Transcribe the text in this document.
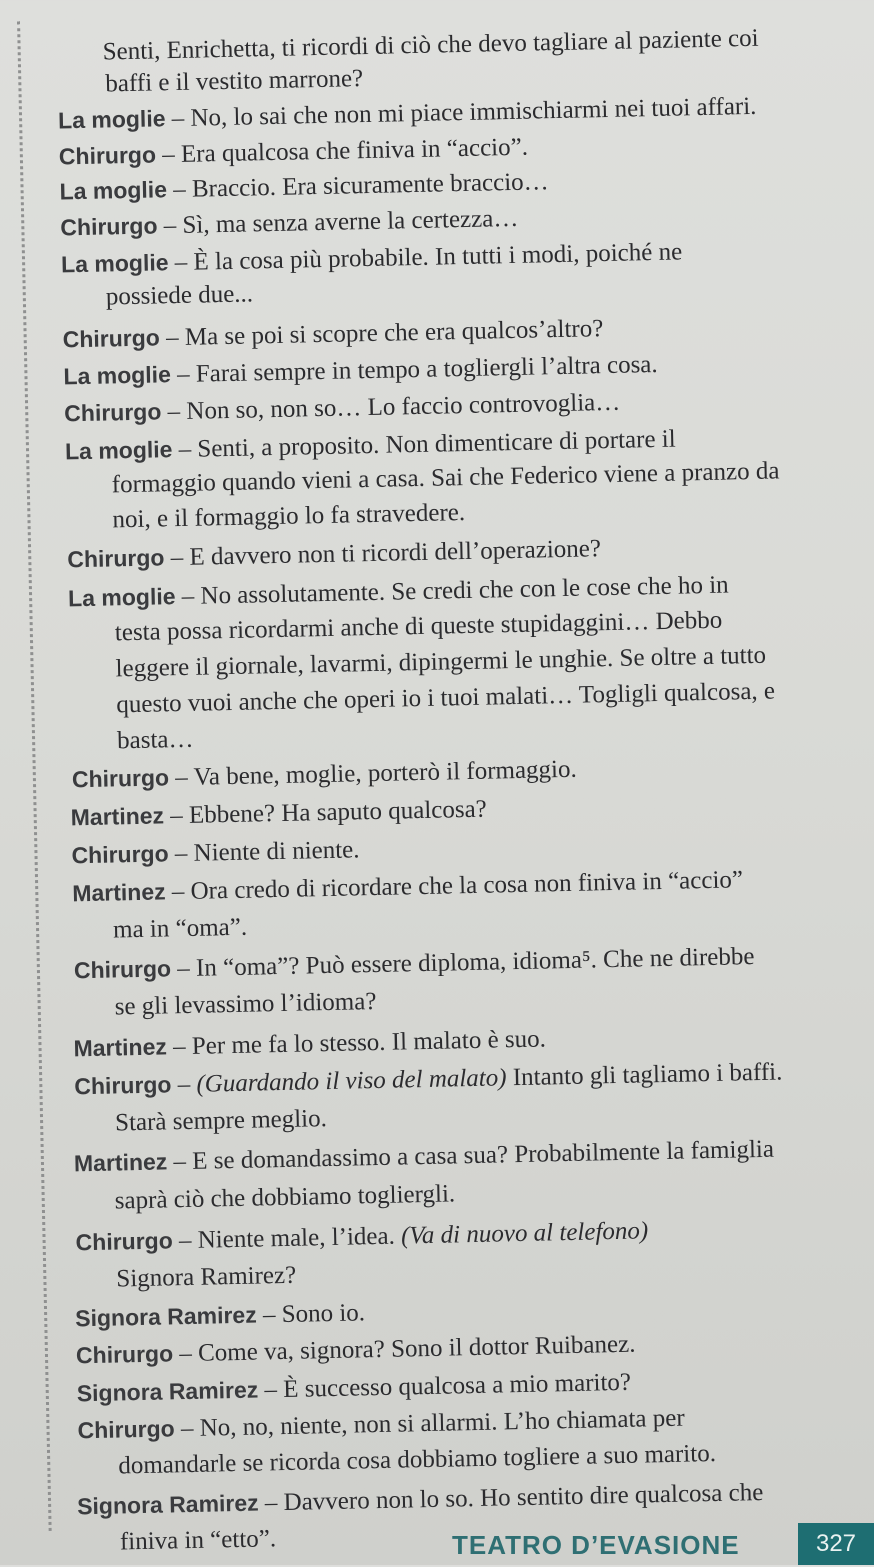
Senti, Enrichetta, ti ricordi di ciò che devo tagliare al paziente coi
baffi e il vestito marrone?
La moglie – No, lo sai che non mi piace immischiarmi nei tuoi affari.
Chirurgo – Era qualcosa che finiva in “accio”.
La moglie – Braccio. Era sicuramente braccio…
Chirurgo – Sì, ma senza averne la certezza…
La moglie – È la cosa più probabile. In tutti i modi, poiché ne
possiede due...
Chirurgo – Ma se poi si scopre che era qualcos’altro?
La moglie – Farai sempre in tempo a togliergli l’altra cosa.
Chirurgo – Non so, non so… Lo faccio controvoglia…
La moglie – Senti, a proposito. Non dimenticare di portare il
formaggio quando vieni a casa. Sai che Federico viene a pranzo da
noi, e il formaggio lo fa stravedere.
Chirurgo – E davvero non ti ricordi dell’operazione?
La moglie – No assolutamente. Se credi che con le cose che ho in
testa possa ricordarmi anche di queste stupidaggini… Debbo
leggere il giornale, lavarmi, dipingermi le unghie. Se oltre a tutto
questo vuoi anche che operi io i tuoi malati… Togligli qualcosa, e
basta…
Chirurgo – Va bene, moglie, porterò il formaggio.
Martinez – Ebbene? Ha saputo qualcosa?
Chirurgo – Niente di niente.
Martinez – Ora credo di ricordare che la cosa non finiva in “accio”
ma in “oma”.
Chirurgo – In “oma”? Può essere diploma, idioma⁵. Che ne direbbe
se gli levassimo l’idioma?
Martinez – Per me fa lo stesso. Il malato è suo.
Chirurgo – (Guardando il viso del malato) Intanto gli tagliamo i baffi.
Starà sempre meglio.
Martinez – E se domandassimo a casa sua? Probabilmente la famiglia
saprà ciò che dobbiamo togliergli.
Chirurgo – Niente male, l’idea. (Va di nuovo al telefono)
Signora Ramirez?
Signora Ramirez – Sono io.
Chirurgo – Come va, signora? Sono il dottor Ruibanez.
Signora Ramirez – È successo qualcosa a mio marito?
Chirurgo – No, no, niente, non si allarmi. L’ho chiamata per
domandarle se ricorda cosa dobbiamo togliere a suo marito.
Signora Ramirez – Davvero non lo so. Ho sentito dire qualcosa che
finiva in “etto”.	TEATRO D’EVASIONE	327
